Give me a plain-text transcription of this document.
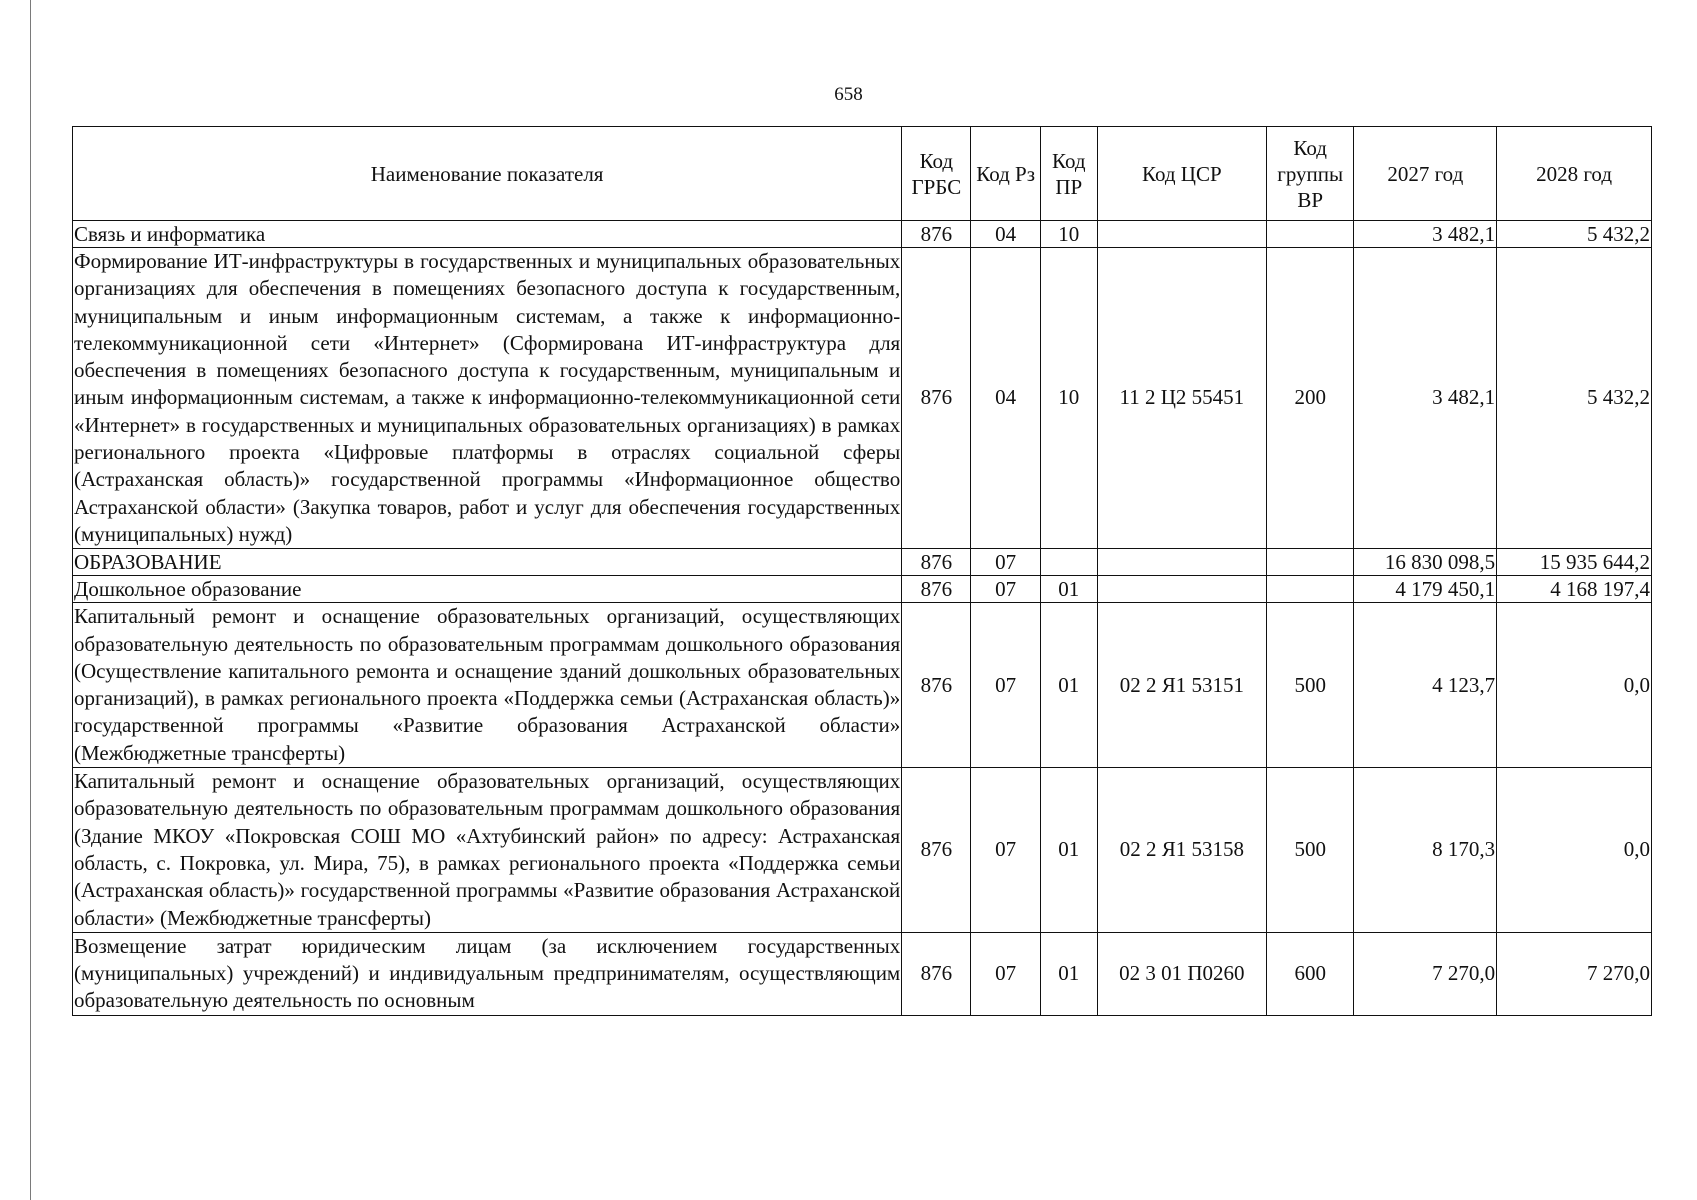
658
Наименование показателя	Код ГРБС	Код Рз	Код ПР	Код ЦСР	Код группы ВР	2027 год	2028 год
Связь и информатика	876	04	10			3 482,1	5 432,2
Формирование ИТ-инфраструктуры в государственных и муниципальных образовательных организациях для обеспечения в помещениях безопасного доступа к государственным, муниципальным и иным информационным системам, а также к информационно-телекоммуникационной сети «Интернет» (Сформирована ИТ-инфраструктура для обеспечения в помещениях безопасного доступа к государственным, муниципальным и иным информационным системам, а также к информационно-телекоммуникационной сети «Интернет» в государственных и муниципальных образовательных организациях) в рамках регионального проекта «Цифровые платформы в отраслях социальной сферы (Астраханская область)» государственной программы «Информационное общество Астраханской области» (Закупка товаров, работ и услуг для обеспечения государственных (муниципальных) нужд)	876	04	10	11 2 Ц2 55451	200	3 482,1	5 432,2
ОБРАЗОВАНИЕ	876	07				16 830 098,5	15 935 644,2
Дошкольное образование	876	07	01			4 179 450,1	4 168 197,4
Капитальный ремонт и оснащение образовательных организаций, осуществляющих образовательную деятельность по образовательным программам дошкольного образования (Осуществление капитального ремонта и оснащение зданий дошкольных образовательных организаций), в рамках регионального проекта «Поддержка семьи (Астраханская область)» государственной программы «Развитие образования Астраханской области» (Межбюджетные трансферты)	876	07	01	02 2 Я1 53151	500	4 123,7	0,0
Капитальный ремонт и оснащение образовательных организаций, осуществляющих образовательную деятельность по образовательным программам дошкольного образования (Здание МКОУ «Покровская СОШ МО «Ахтубинский район» по адресу: Астраханская область, с. Покровка, ул. Мира, 75), в рамках регионального проекта «Поддержка семьи (Астраханская область)» государственной программы «Развитие образования Астраханской области» (Межбюджетные трансферты)	876	07	01	02 2 Я1 53158	500	8 170,3	0,0
Возмещение затрат юридическим лицам (за исключением государственных (муниципальных) учреждений) и индивидуальным предпринимателям, осуществляющим образовательную деятельность по основным	876	07	01	02 3 01 П0260	600	7 270,0	7 270,0
